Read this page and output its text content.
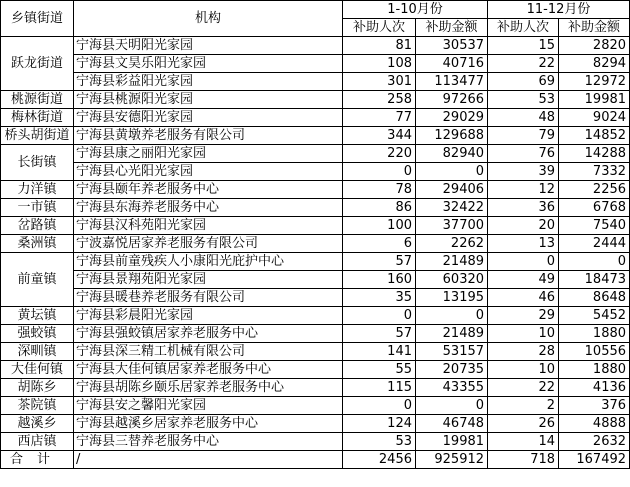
乡镇街道	机构	1-10月份		11-12月份	
		补助人次	补助金额	补助人次	补助金额
跃龙街道	宁海县天明阳光家园	81	30537	15	2820
	宁海县文昊乐阳光家园	108	40716	22	8294
	宁海县彩益阳光家园	301	113477	69	12972
桃源街道	宁海县桃源阳光家园	258	97266	53	19981
梅林街道	宁海县安德阳光家园	77	29029	48	9024
桥头胡街道	宁海县黄墩养老服务有限公司	344	129688	79	14852
长街镇	宁海县康之丽阳光家园	220	82940	76	14288
	宁海县心光阳光家园	0	0	39	7332
力洋镇	宁海县颐年养老服务中心	78	29406	12	2256
一市镇	宁海县东海养老服务中心	86	32422	36	6768
岔路镇	宁海县汉科苑阳光家园	100	37700	20	7540
桑洲镇	宁波嘉悦居家养老服务有限公司	6	2262	13	2444
前童镇	宁海县前童残疾人小康阳光庇护中心	57	21489	0	0
	宁海县景翔苑阳光家园	160	60320	49	18473
	宁海县暖巷养老服务有限公司	35	13195	46	8648
黄坛镇	宁海县彩晨阳光家园	0	0	29	5452
强蛟镇	宁海县强蛟镇居家养老服务中心	57	21489	10	1880
深甽镇	宁海县深三精工机械有限公司	141	53157	28	10556
大佳何镇	宁海县大佳何镇居家养老服务中心	55	20735	10	1880
胡陈乡	宁海县胡陈乡颐乐居家养老服务中心	115	43355	22	4136
茶院镇	宁海县安之馨阳光家园	0	0	2	376
越溪乡	宁海县越溪乡居家养老服务中心	124	46748	26	4888
西店镇	宁海县三替养老服务中心	53	19981	14	2632
合计	/	2456	925912	718	167492
